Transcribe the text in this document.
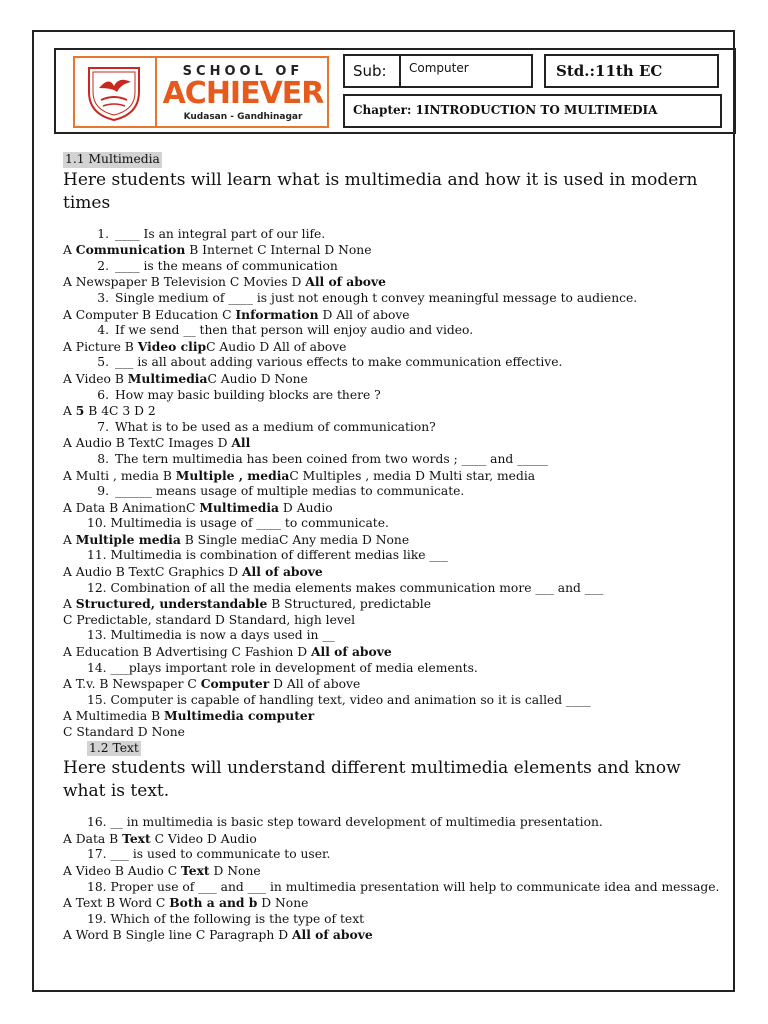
SCHOOL OF
ACHIEVER
Kudasan - Gandhinagar
Sub: Computer	Std.:11th EC
Chapter: 1INTRODUCTION TO MULTIMEDIA

1.1 Multimedia

Here students will learn what is multimedia and how it is used in modern times

1. ____ Is an integral part of our life.

A Communication B Internet C Internal D None

2. ____ is the means of communication

A Newspaper B Television C Movies D All of above

3. Single medium of ____ is just not enough t convey meaningful message to audience.

A Computer B Education C Information D All of above

4. If we send __ then that person will enjoy audio and video.

A Picture B Video clipC Audio D All of above

5. ___ is all about adding various effects to make communication effective.

A Video B MultimediaC Audio D None

6. How may basic building blocks are there ?

A 5 B 4C 3 D 2

7. What is to be used as a medium of communication?

A Audio B TextC Images D All

8. The tern multimedia has been coined from two words ; ____ and _____

A Multi , media B Multiple , mediaC Multiples , media D Multi star, media

9. ______ means usage of multiple medias to communicate.

A Data B AnimationC Multimedia D Audio

10. Multimedia is usage of ____ to communicate.

A Multiple media B Single mediaC Any media D None

11. Multimedia is combination of different medias like ___

A Audio B TextC Graphics D All of above

12. Combination of all the media elements makes communication more ___ and ___

A Structured, understandable B Structured, predictable

C Predictable, standard D Standard, high level

13. Multimedia is now a days used in __

A Education B Advertising C Fashion D All of above

14. ___plays important role in development of media elements.

A T.v. B Newspaper C Computer D All of above

15. Computer is capable of handling text, video and animation so it is called ____

A Multimedia B Multimedia computer

C Standard D None

1.2 Text

Here students will understand different multimedia elements and know what is text.

16. __ in multimedia is basic step toward development of multimedia presentation.

A Data B Text C Video D Audio

17. ___ is used to communicate to user.

A Video B Audio C Text D None

18. Proper use of ___ and ___ in multimedia presentation will help to communicate idea and message.

A Text B Word C Both a and b D None

19. Which of the following is the type of text

A Word B Single line C Paragraph D All of above
